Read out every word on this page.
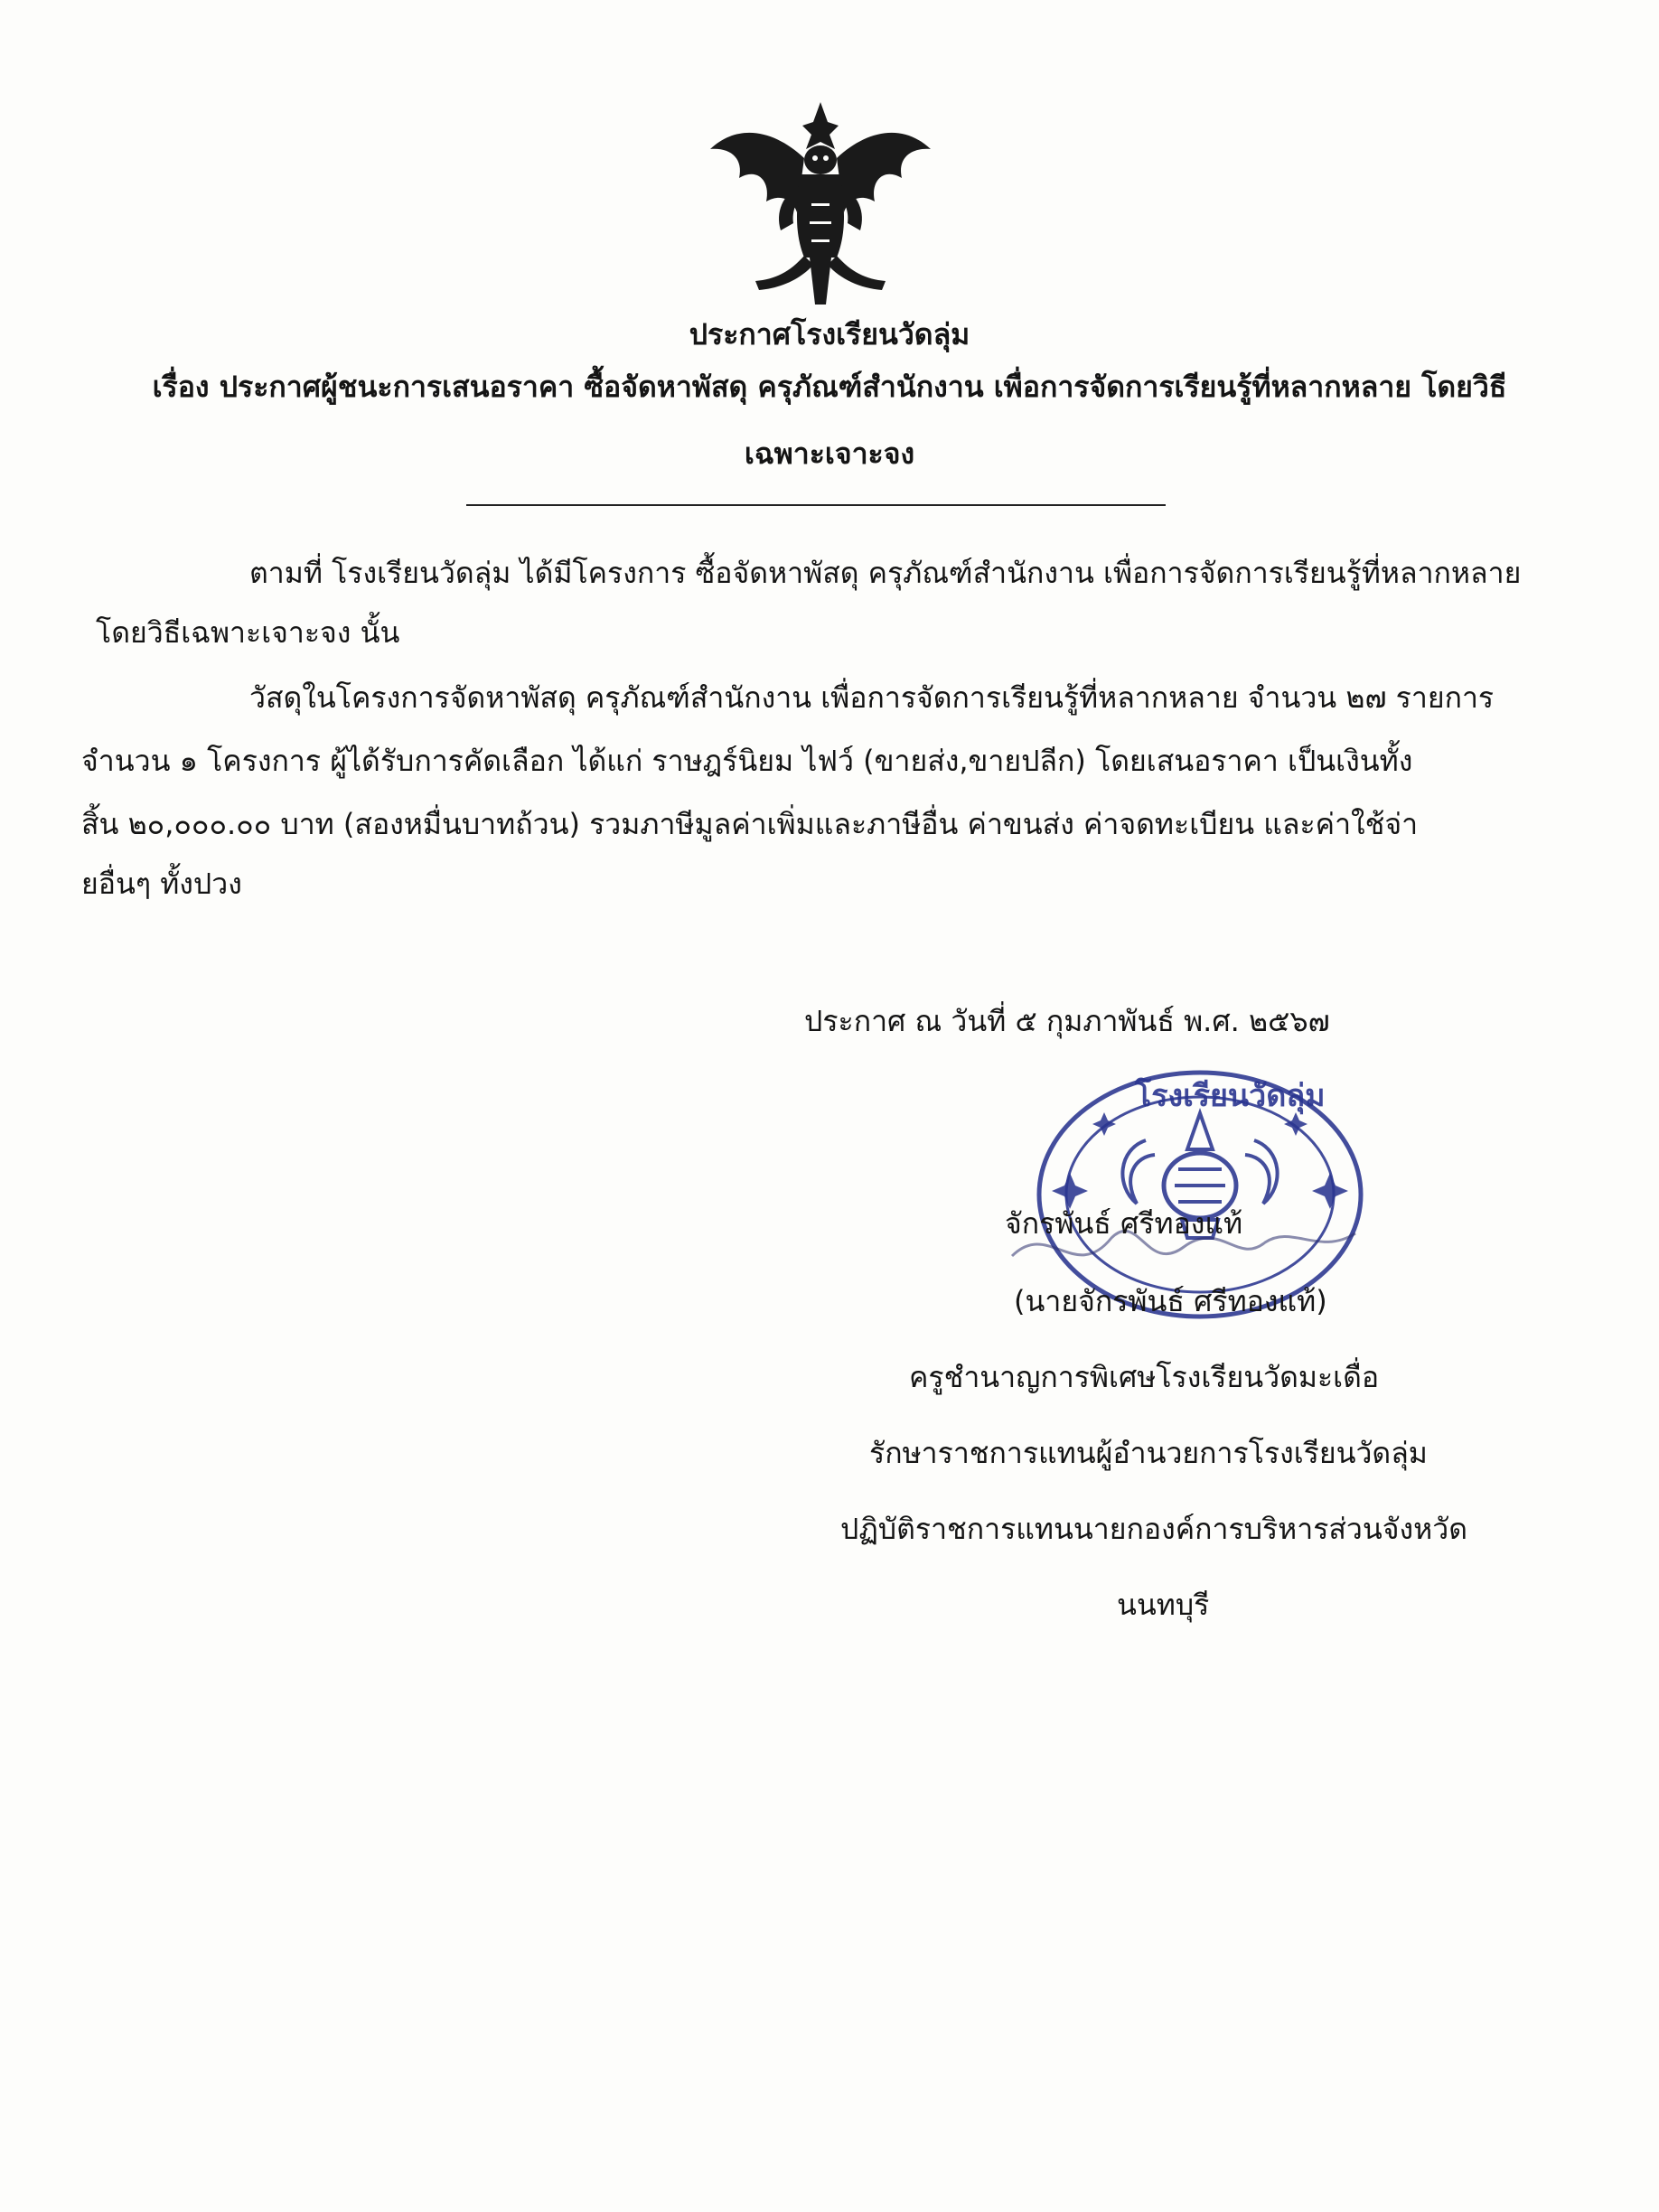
ประกาศโรงเรียนวัดลุ่ม

เรื่อง ประกาศผู้ชนะการเสนอราคา ซื้อจัดหาพัสดุ ครุภัณฑ์สำนักงาน เพื่อการจัดการเรียนรู้ที่หลากหลาย โดยวิธี

เฉพาะเจาะจง

ตามที่ โรงเรียนวัดลุ่ม ได้มีโครงการ ซื้อจัดหาพัสดุ ครุภัณฑ์สำนักงาน เพื่อการจัดการเรียนรู้ที่หลากหลาย

โดยวิธีเฉพาะเจาะจง นั้น

วัสดุในโครงการจัดหาพัสดุ ครุภัณฑ์สำนักงาน เพื่อการจัดการเรียนรู้ที่หลากหลาย จำนวน ๒๗ รายการ

จำนวน ๑ โครงการ ผู้ได้รับการคัดเลือก ได้แก่ ราษฎร์นิยม ไฟว์ (ขายส่ง,ขายปลีก) โดยเสนอราคา เป็นเงินทั้ง

สิ้น ๒๐,๐๐๐.๐๐ บาท (สองหมื่นบาทถ้วน) รวมภาษีมูลค่าเพิ่มและภาษีอื่น ค่าขนส่ง ค่าจดทะเบียน และค่าใช้จ่า

ยอื่นๆ ทั้งปวง

ประกาศ ณ วันที่ ๕ กุมภาพันธ์ พ.ศ. ๒๕๖๗

โรงเรียนวัดลุ่ม

จักรพันธ์ ศรีทองแท้

(นายจักรพันธ์ ศรีทองแท้)

ครูชำนาญการพิเศษโรงเรียนวัดมะเดื่อ

รักษาราชการแทนผู้อำนวยการโรงเรียนวัดลุ่ม

ปฏิบัติราชการแทนนายกองค์การบริหารส่วนจังหวัด

นนทบุรี
